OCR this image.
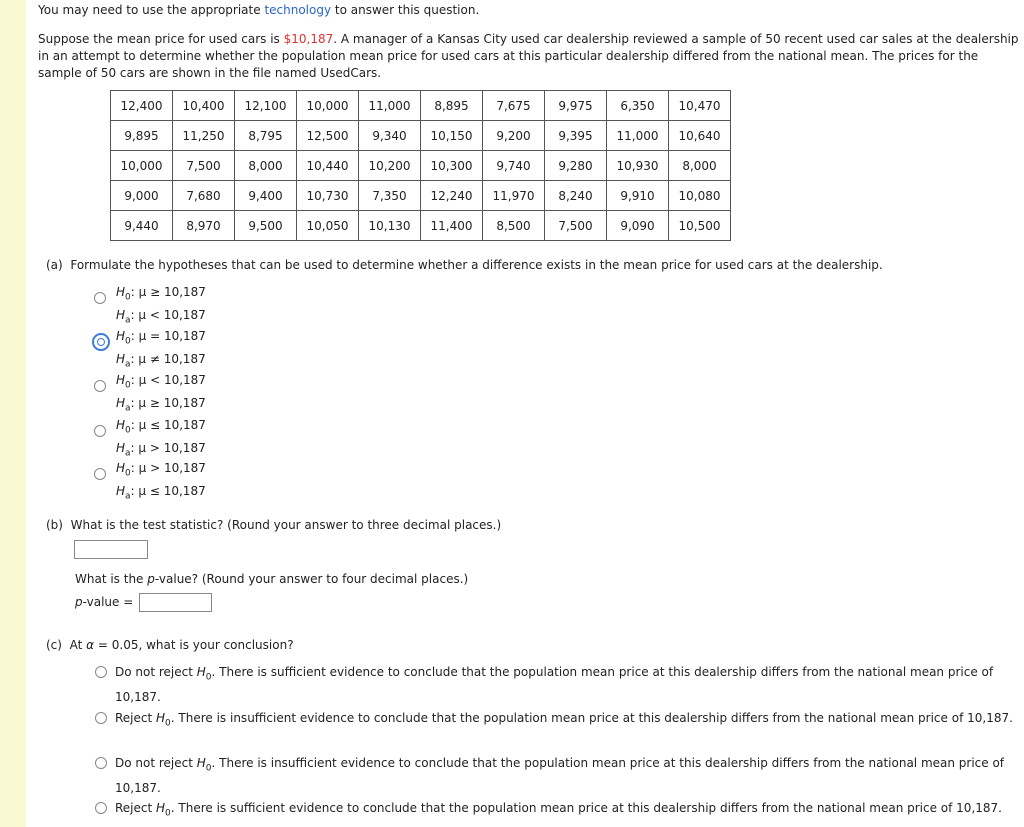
You may need to use the appropriate technology to answer this question.
Suppose the mean price for used cars is $10,187. A manager of a Kansas City used car dealership reviewed a sample of 50 recent used car sales at the dealership in an attempt to determine whether the population mean price for used cars at this particular dealership differed from the national mean. The prices for the sample of 50 cars are shown in the file named UsedCars.
12,400	10,400	12,100	10,000	11,000	8,895	7,675	9,975	6,350	10,470
9,895	11,250	8,795	12,500	9,340	10,150	9,200	9,395	11,000	10,640
10,000	7,500	8,000	10,440	10,200	10,300	9,740	9,280	10,930	8,000
9,000	7,680	9,400	10,730	7,350	12,240	11,970	8,240	9,910	10,080
9,440	8,970	9,500	10,050	10,130	11,400	8,500	7,500	9,090	10,500
(a) Formulate the hypotheses that can be used to determine whether a difference exists in the mean price for used cars at the dealership.
$H_0$: μ ≥ 10,187
$H_a$: μ < 10,187
$H_0$: μ = 10,187
$H_a$: μ ≠ 10,187
$H_0$: μ < 10,187
$H_a$: μ ≥ 10,187
$H_0$: μ ≤ 10,187
$H_a$: μ > 10,187
$H_0$: μ > 10,187
$H_a$: μ ≤ 10,187
(b) What is the test statistic? (Round your answer to three decimal places.)
What is the p-value? (Round your answer to four decimal places.)
p-value =
(c) At α = 0.05, what is your conclusion?
Do not reject $H_0$. There is sufficient evidence to conclude that the population mean price at this dealership differs from the national mean price of 10,187.
Reject $H_0$. There is insufficient evidence to conclude that the population mean price at this dealership differs from the national mean price of 10,187.
Do not reject $H_0$. There is insufficient evidence to conclude that the population mean price at this dealership differs from the national mean price of 10,187.
Reject $H_0$. There is sufficient evidence to conclude that the population mean price at this dealership differs from the national mean price of 10,187.
